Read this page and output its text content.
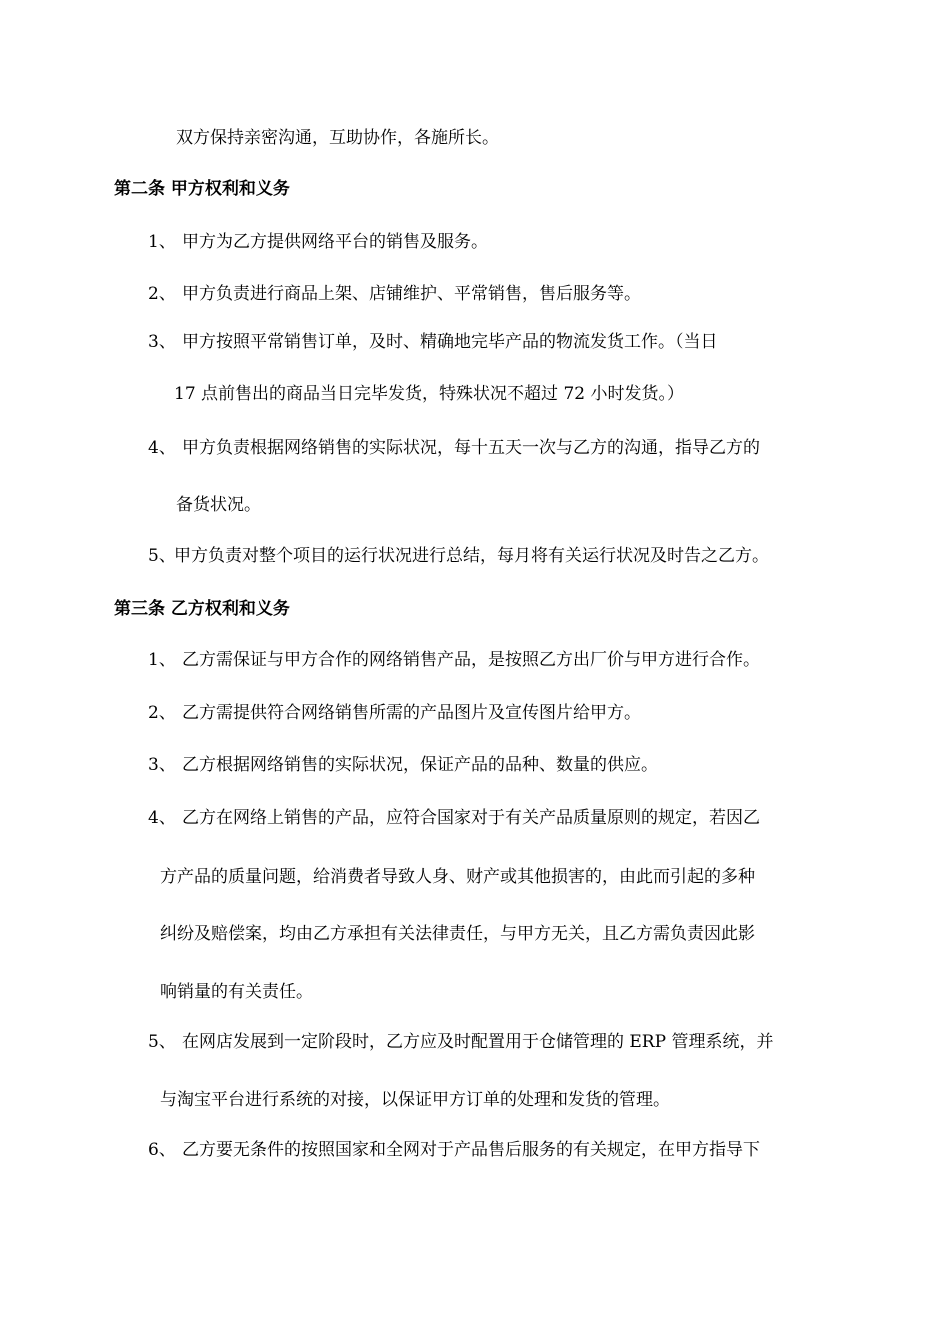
双方保持亲密沟通，互助协作，各施所长。
第二条 甲方权利和义务
1、 甲方为乙方提供网络平台的销售及服务。
2、 甲方负责进行商品上架、店铺维护、平常销售，售后服务等。
3、 甲方按照平常销售订单，及时、精确地完毕产品的物流发货工作。（当日
17 点前售出的商品当日完毕发货，特殊状况不超过 72 小时发货。）
4、 甲方负责根据网络销售的实际状况，每十五天一次与乙方的沟通，指导乙方的
备货状况。
5、
甲方负责对整个项目的运行状况进行总结，每月将有关运行状况及时告之乙方。
第三条 乙方权利和义务
1、 乙方需保证与甲方合作的网络销售产品，是按照乙方出厂价与甲方进行合作。
2、 乙方需提供符合网络销售所需的产品图片及宣传图片给甲方。
3、 乙方根据网络销售的实际状况，保证产品的品种、数量的供应。
4、 乙方在网络上销售的产品，应符合国家对于有关产品质量原则的规定，若因乙
方产品的质量问题，给消费者导致人身、财产或其他损害的，由此而引起的多种
纠纷及赔偿案，均由乙方承担有关法律责任，与甲方无关，且乙方需负责因此影
响销量的有关责任。
5、 在网店发展到一定阶段时，乙方应及时配置用于仓储管理的 ERP 管理系统，并
与淘宝平台进行系统的对接，以保证甲方订单的处理和发货的管理。
6、 乙方要无条件的按照国家和全网对于产品售后服务的有关规定，在甲方指导下
